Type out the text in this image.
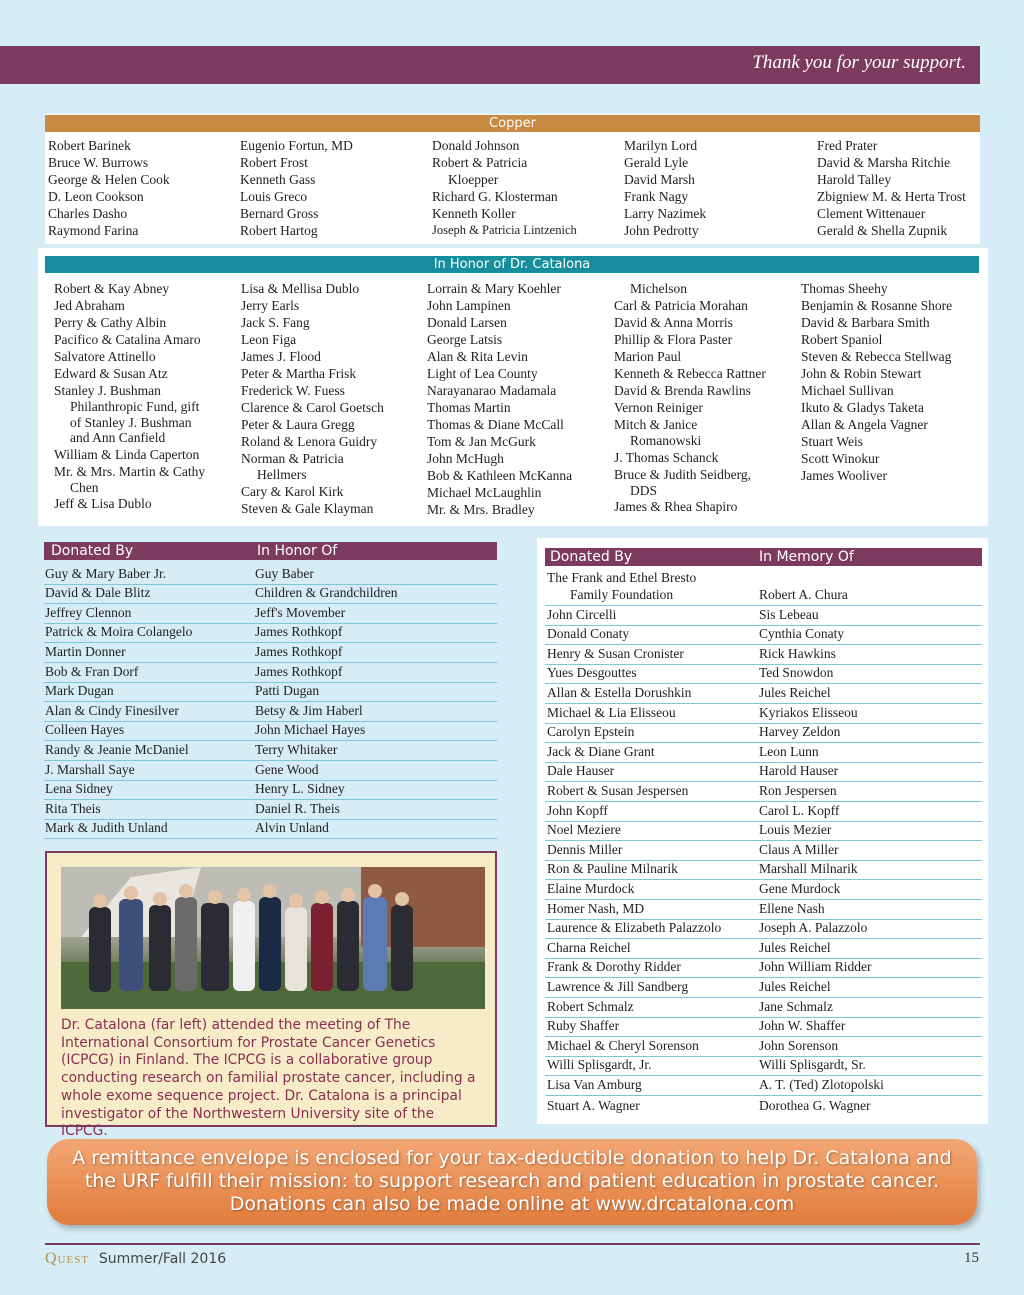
Thank you for your support.
Copper
Robert Barinek
Bruce W. Burrows
George & Helen Cook
D. Leon Cookson
Charles Dasho
Raymond Farina
Eugenio Fortun, MD
Robert Frost
Kenneth Gass
Louis Greco
Bernard Gross
Robert Hartog
Donald Johnson
Robert & Patricia
Kloepper
Richard G. Klosterman
Kenneth Koller
Joseph & Patricia Lintzenich
Marilyn Lord
Gerald Lyle
David Marsh
Frank Nagy
Larry Nazimek
John Pedrotty
Fred Prater
David & Marsha Ritchie
Harold Talley
Zbigniew M. & Herta Trost
Clement Wittenauer
Gerald & Shella Zupnik
In Honor of Dr. Catalona
Robert & Kay Abney
Jed Abraham
Perry & Cathy Albin
Pacifico & Catalina Amaro
Salvatore Attinello
Edward & Susan Atz
Stanley J. Bushman
Philanthropic Fund, gift
of Stanley J. Bushman
and Ann Canfield
William & Linda Caperton
Mr. & Mrs. Martin & Cathy
Chen
Jeff & Lisa Dublo
Lisa & Mellisa Dublo
Jerry Earls
Jack S. Fang
Leon Figa
James J. Flood
Peter & Martha Frisk
Frederick W. Fuess
Clarence & Carol Goetsch
Peter & Laura Gregg
Roland & Lenora Guidry
Norman & Patricia
Hellmers
Cary & Karol Kirk
Steven & Gale Klayman
Lorrain & Mary Koehler
John Lampinen
Donald Larsen
George Latsis
Alan & Rita Levin
Light of Lea County
Narayanarao Madamala
Thomas Martin
Thomas & Diane McCall
Tom & Jan McGurk
John McHugh
Bob & Kathleen McKanna
Michael McLaughlin
Mr. & Mrs. Bradley
Michelson
Carl & Patricia Morahan
David & Anna Morris
Phillip & Flora Paster
Marion Paul
Kenneth & Rebecca Rattner
David & Brenda Rawlins
Vernon Reiniger
Mitch & Janice
Romanowski
J. Thomas Schanck
Bruce & Judith Seidberg,
DDS
James & Rhea Shapiro
Thomas Sheehy
Benjamin & Rosanne Shore
David & Barbara Smith
Robert Spaniol
Steven & Rebecca Stellwag
John & Robin Stewart
Michael Sullivan
Ikuto & Gladys Taketa
Allan & Angela Vagner
Stuart Weis
Scott Winokur
James Wooliver
Donated By	In Honor Of
Guy & Mary Baber Jr.	Guy Baber
David & Dale Blitz	Children & Grandchildren
Jeffrey Clennon	Jeff's Movember
Patrick & Moira Colangelo	James Rothkopf
Martin Donner	James Rothkopf
Bob & Fran Dorf	James Rothkopf
Mark Dugan	Patti Dugan
Alan & Cindy Finesilver	Betsy & Jim Haberl
Colleen Hayes	John Michael Hayes
Randy & Jeanie McDaniel	Terry Whitaker
J. Marshall Saye	Gene Wood
Lena Sidney	Henry L. Sidney
Rita Theis	Daniel R. Theis
Mark & Judith Unland	Alvin Unland
Donated By	In Memory Of
The Frank and Ethel Bresto
Family Foundation	Robert A. Chura
John Circelli	Sis Lebeau
Donald Conaty	Cynthia Conaty
Henry & Susan Cronister	Rick Hawkins
Yues Desgouttes	Ted Snowdon
Allan & Estella Dorushkin	Jules Reichel
Michael & Lia Elisseou	Kyriakos Elisseou
Carolyn Epstein	Harvey Zeldon
Jack & Diane Grant	Leon Lunn
Dale Hauser	Harold Hauser
Robert & Susan Jespersen	Ron Jespersen
John Kopff	Carol L. Kopff
Noel Meziere	Louis Mezier
Dennis Miller	Claus A Miller
Ron & Pauline Milnarik	Marshall Milnarik
Elaine Murdock	Gene Murdock
Homer Nash, MD	Ellene Nash
Laurence & Elizabeth Palazzolo	Joseph A. Palazzolo
Charna Reichel	Jules Reichel
Frank & Dorothy Ridder	John William Ridder
Lawrence & Jill Sandberg	Jules Reichel
Robert Schmalz	Jane Schmalz
Ruby Shaffer	John W. Shaffer
Michael & Cheryl Sorenson	John Sorenson
Willi Splisgardt, Jr.	Willi Splisgardt, Sr.
Lisa Van Amburg	A. T. (Ted) Zlotopolski
Stuart A. Wagner	Dorothea G. Wagner
Dr. Catalona (far left) attended the meeting of The International Consortium for Prostate Cancer Genetics (ICPCG) in Finland. The ICPCG is a collaborative group conducting research on familial prostate cancer, including a whole exome sequence project. Dr. Catalona is a principal investigator of the Northwestern University site of the ICPCG.
A remittance envelope is enclosed for your tax-deductible donation to help Dr. Catalona and
the URF fulfill their mission: to support research and patient education in prostate cancer.
Donations can also be made online at www.drcatalona.com
Quest Summer/Fall 2016	15
